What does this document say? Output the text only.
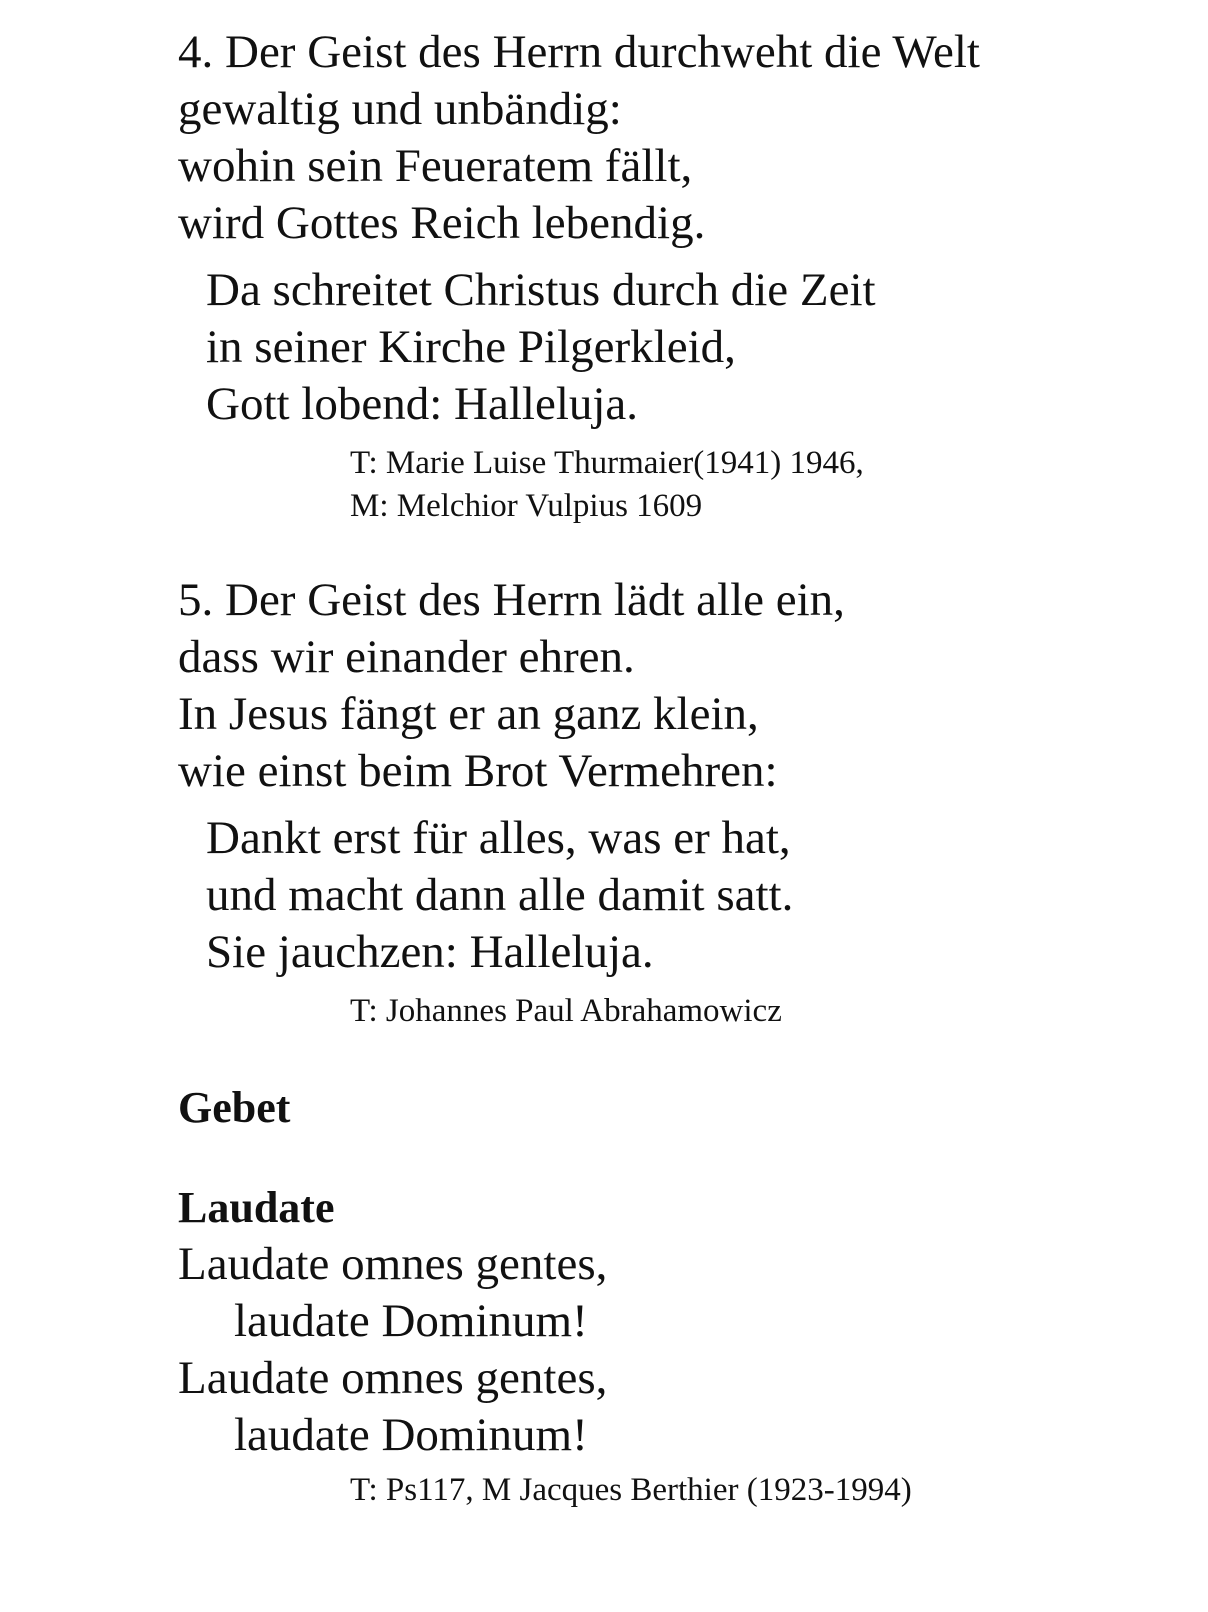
4. Der Geist des Herrn durchweht die Welt
gewaltig und unbändig:
wohin sein Feueratem fällt,
wird Gottes Reich lebendig.
Da schreitet Christus durch die Zeit
in seiner Kirche Pilgerkleid,
Gott lobend: Halleluja.
T: Marie Luise Thurmaier(1941) 1946,
M: Melchior Vulpius 1609
5. Der Geist des Herrn lädt alle ein,
dass wir einander ehren.
In Jesus fängt er an ganz klein,
wie einst beim Brot Vermehren:
Dankt erst für alles, was er hat,
und macht dann alle damit satt.
Sie jauchzen: Halleluja.
T: Johannes Paul Abrahamowicz
Gebet
Laudate
Laudate omnes gentes,
laudate Dominum!
Laudate omnes gentes,
laudate Dominum!
T: Ps117, M Jacques Berthier (1923-1994)
